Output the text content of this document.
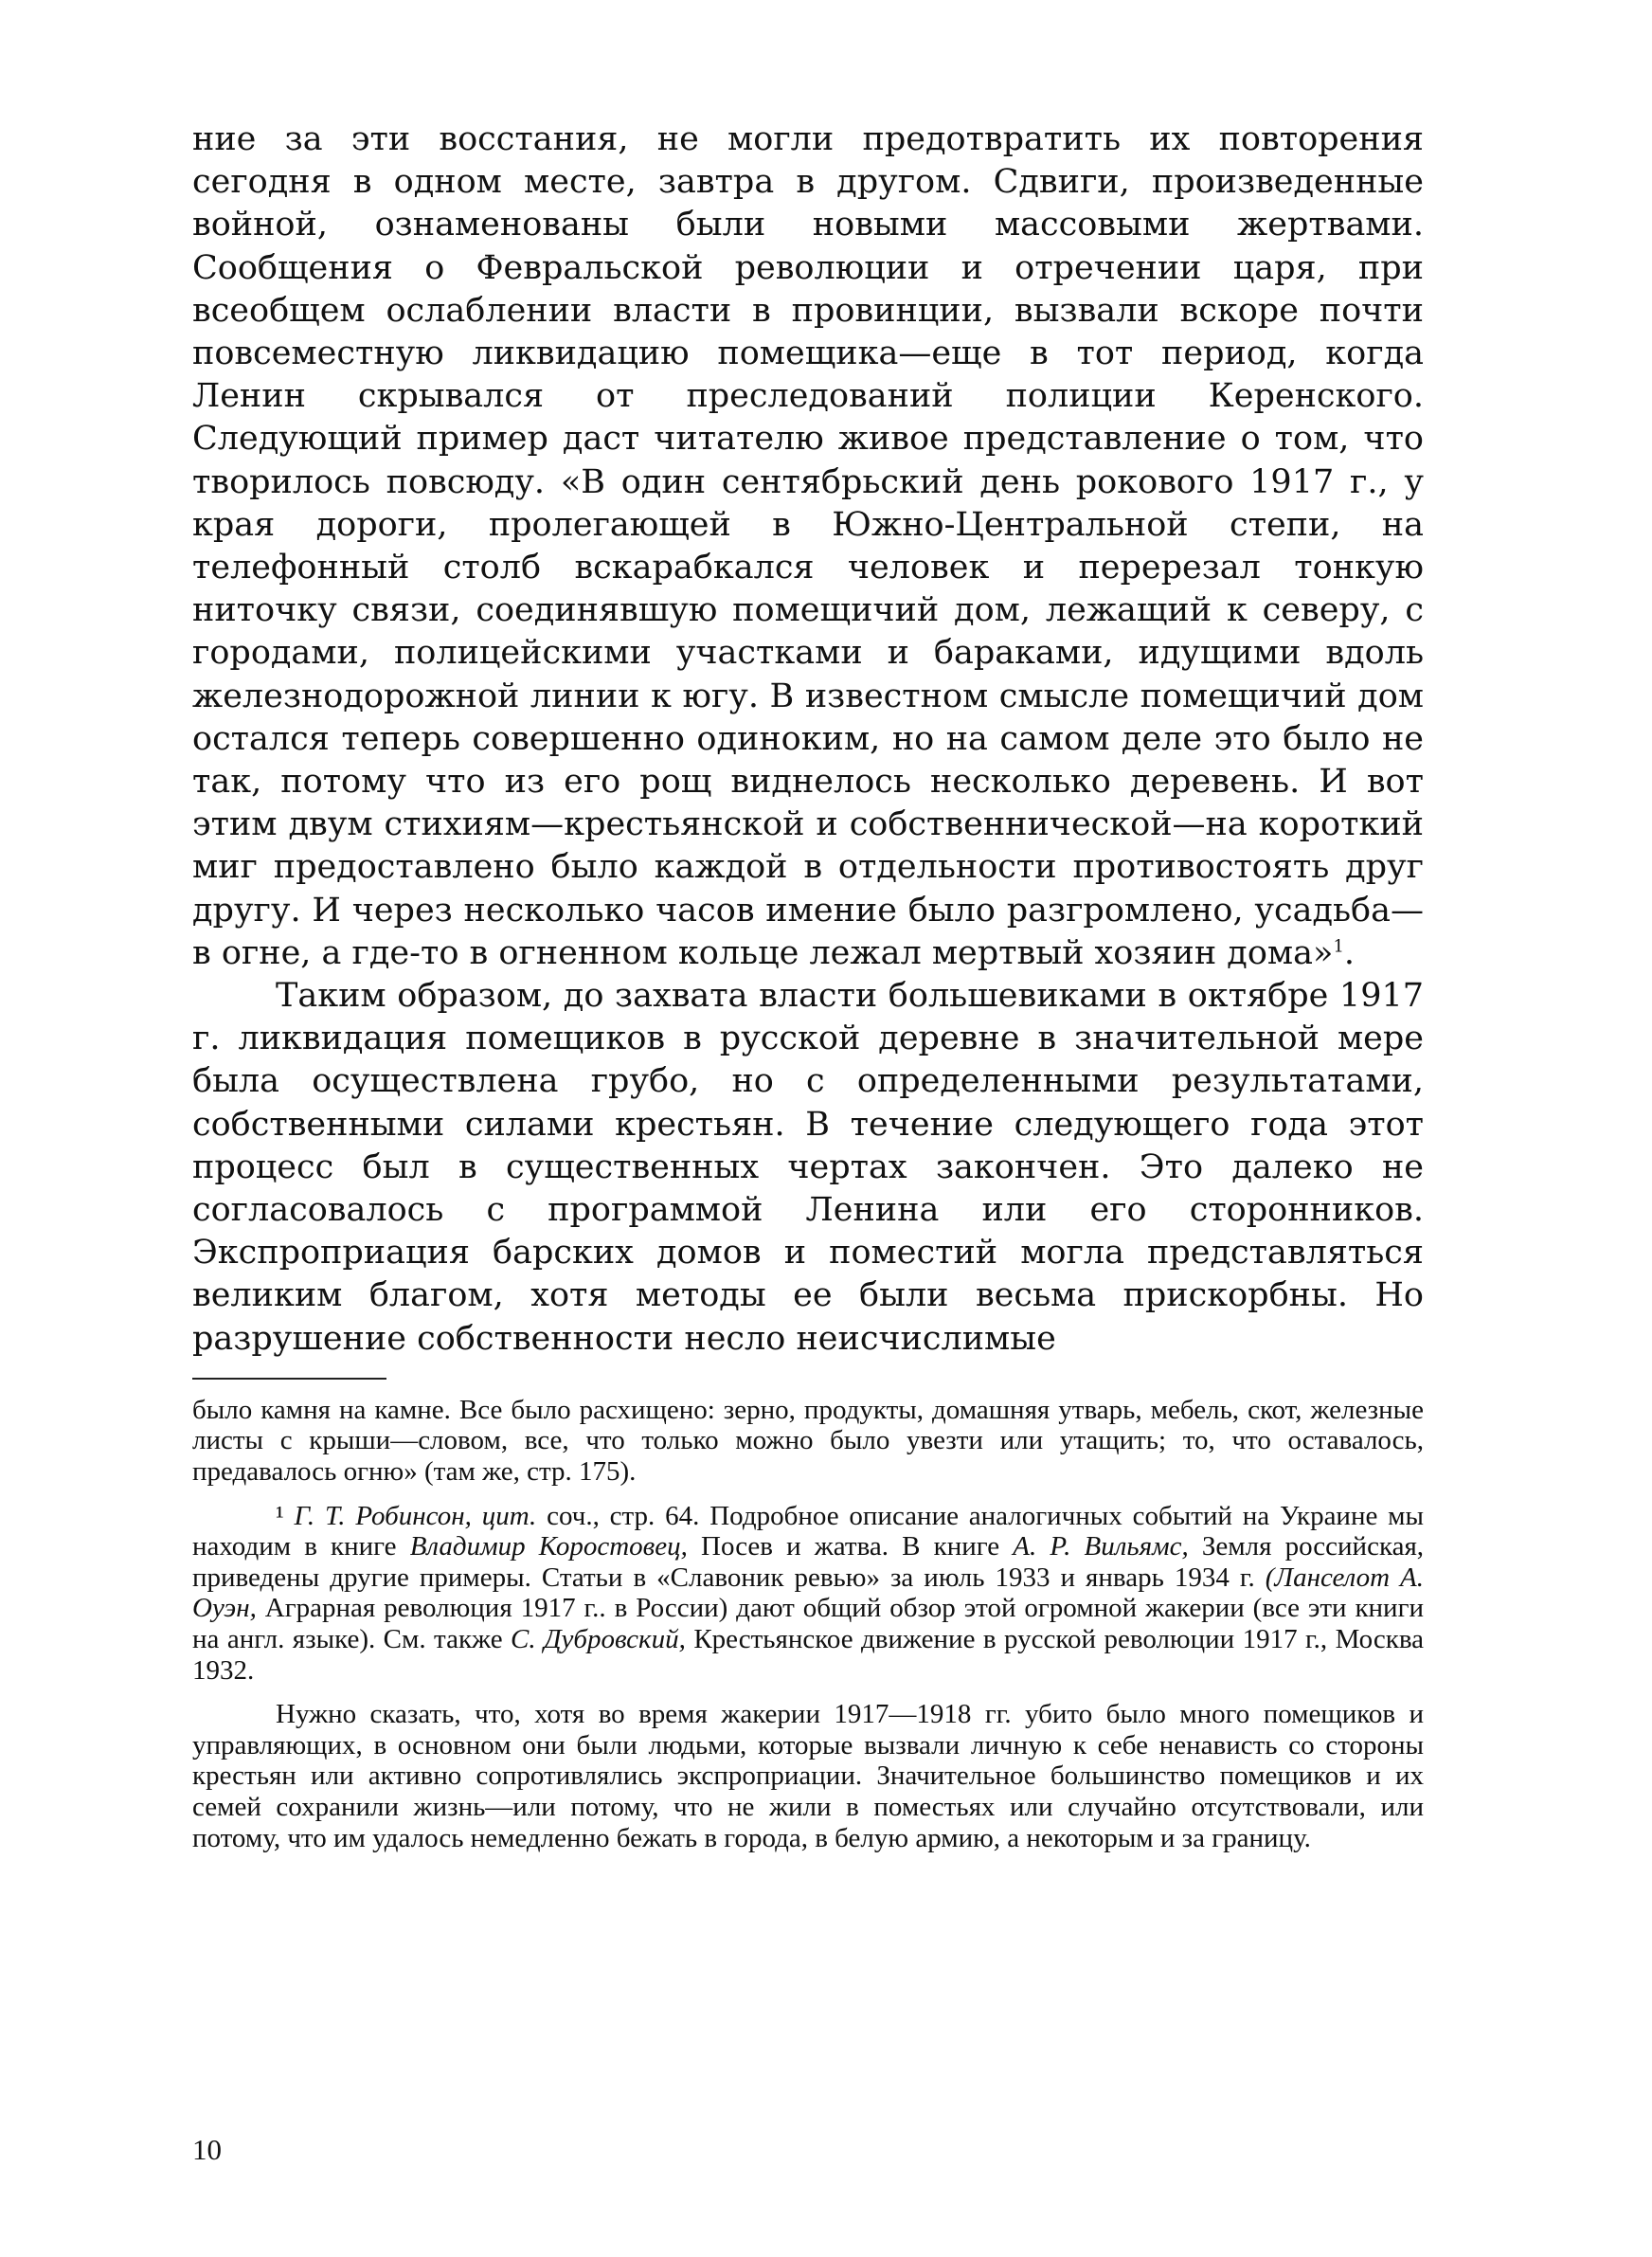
ние за эти восстания, не могли предотвратить их повторения сегодня в одном месте, завтра в другом. Сдвиги, произведенные войной, ознаменованы были новыми массовыми жертвами. Сообщения о Февральской революции и отречении царя, при всеобщем ослаблении власти в провинции, вызвали вскоре почти повсеместную ликвидацию помещика—еще в тот период, когда Ленин скрывался от преследований полиции Керенского. Следующий пример даст читателю живое представление о том, что творилось повсюду. «В один сентябрьский день рокового 1917 г., у края дороги, пролегающей в Южно-Центральной степи, на телефонный столб вскарабкался человек и перерезал тонкую ниточку связи, соединявшую помещичий дом, лежащий к северу, с городами, полицейскими участками и бараками, идущими вдоль железнодорожной линии к югу. В известном смысле помещичий дом остался теперь совершенно одиноким, но на самом деле это было не так, потому что из его рощ виднелось несколько деревень. И вот этим двум стихиям—крестьянской и собственнической—на короткий миг предоставлено было каждой в отдельности противостоять друг другу. И через несколько часов имение было разгромлено, усадьба—в огне, а где-то в огненном кольце лежал мертвый хозяин дома»$^1$.

Таким образом, до захвата власти большевиками в октябре 1917 г. ликвидация помещиков в русской деревне в значительной мере была осуществлена грубо, но с определенными результатами, собственными силами крестьян. В течение следующего года этот процесс был в существенных чертах закончен. Это далеко не согласовалось с программой Ленина или его сторонников. Экспроприация барских домов и поместий могла представляться великим благом, хотя методы ее были весьма прискорбны. Но разрушение собственности несло неисчислимые

было камня на камне. Все было расхищено: зерно, продукты, домашняя утварь, мебель, скот, железные листы с крыши—словом, все, что только можно было увезти или утащить; то, что оставалось, предавалось огню» (там же, стр. 175).

¹ Г. Т. Робинсон, цит. соч., стр. 64. Подробное описание аналогичных событий на Украине мы находим в книге Владимир Коростовец, Посев и жатва. В книге А. Р. Вильямс, Земля российская, приведены другие примеры. Статьи в «Славоник ревью» за июль 1933 и январь 1934 г. (Ланселот А. Оуэн, Аграрная революция 1917 г.. в России) дают общий обзор этой огромной жакерии (все эти книги на англ. языке). См. также С. Дубровский, Крестьянское движение в русской революции 1917 г., Москва 1932.

Нужно сказать, что, хотя во время жакерии 1917—1918 гг. убито было много помещиков и управляющих, в основном они были людьми, которые вызвали личную к себе ненависть со стороны крестьян или активно сопротивлялись экспроприации. Значительное большинство помещиков и их семей сохранили жизнь—или потому, что не жили в поместьях или случайно отсутствовали, или потому, что им удалось немедленно бежать в города, в белую армию, а некоторым и за границу.

10
